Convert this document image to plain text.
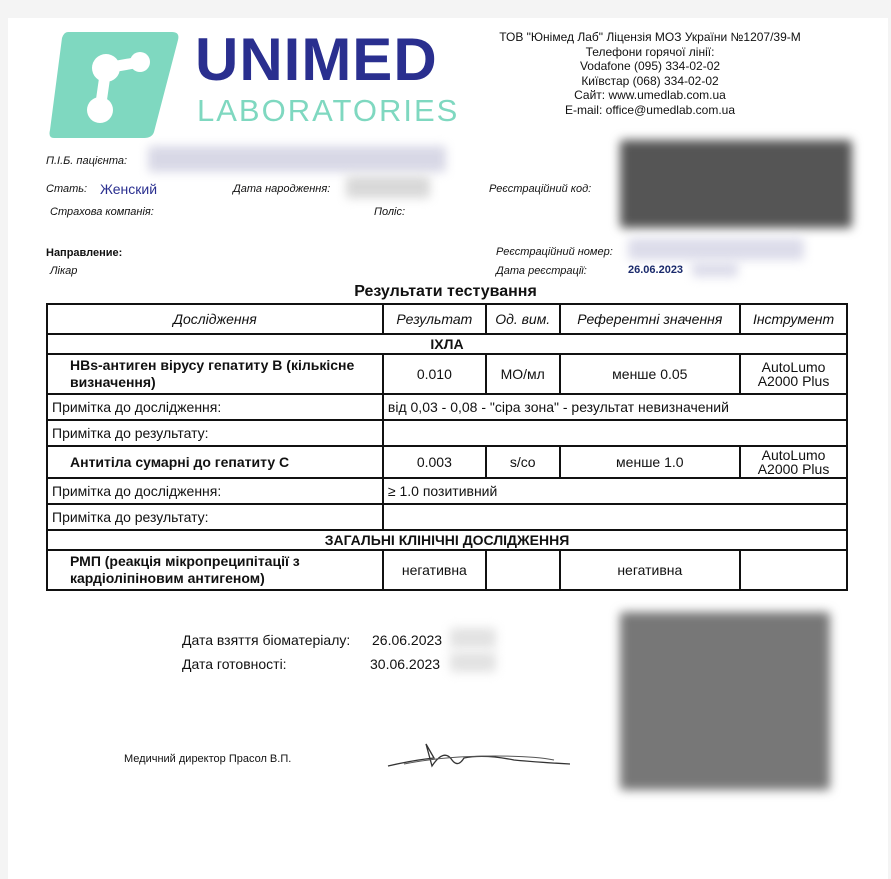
UNIMED
LABORATORIES
ТОВ "Юнімед Лаб" Ліцензія МОЗ України №1207/39-М
Телефони горячої лінії:
Vodafone (095) 334-02-02
Київстар (068) 334-02-02
Сайт: www.umedlab.com.ua
E-mail: office@umedlab.com.ua
П.І.Б. пацієнта:
Стать: Женский	Дата народження:	Реєстраційний код:
Страхова компанія:	Поліс:
Направление:
Лікар
Реєстраційний номер:
Дата реєстрації:	26.06.2023
Результати тестування
Дослідження	Результат	Од. вим.	Референтні значення	Інструмент
ІХЛА				
HBs-антиген вірусу гепатиту В (кількісне визначення)	0.010	МО/мл	менше 0.05	AutoLumo A2000 Plus
Примітка до дослідження:	від 0,03 - 0,08 - "сіра зона" - результат невизначений			
Примітка до результату:				
Антитіла сумарні до гепатиту С	0.003	s/co	менше 1.0	AutoLumo A2000 Plus
Примітка до дослідження:	≥ 1.0 позитивний			
Примітка до результату:				
ЗАГАЛЬНІ КЛІНІЧНІ ДОСЛІДЖЕННЯ				
РМП (реакція мікропреципітації з кардіоліпіновим антигеном)	негативна		негативна	
Дата взяття біоматеріалу: 26.06.2023
Дата готовності:	30.06.2023
Медичний директор Прасол В.П.
